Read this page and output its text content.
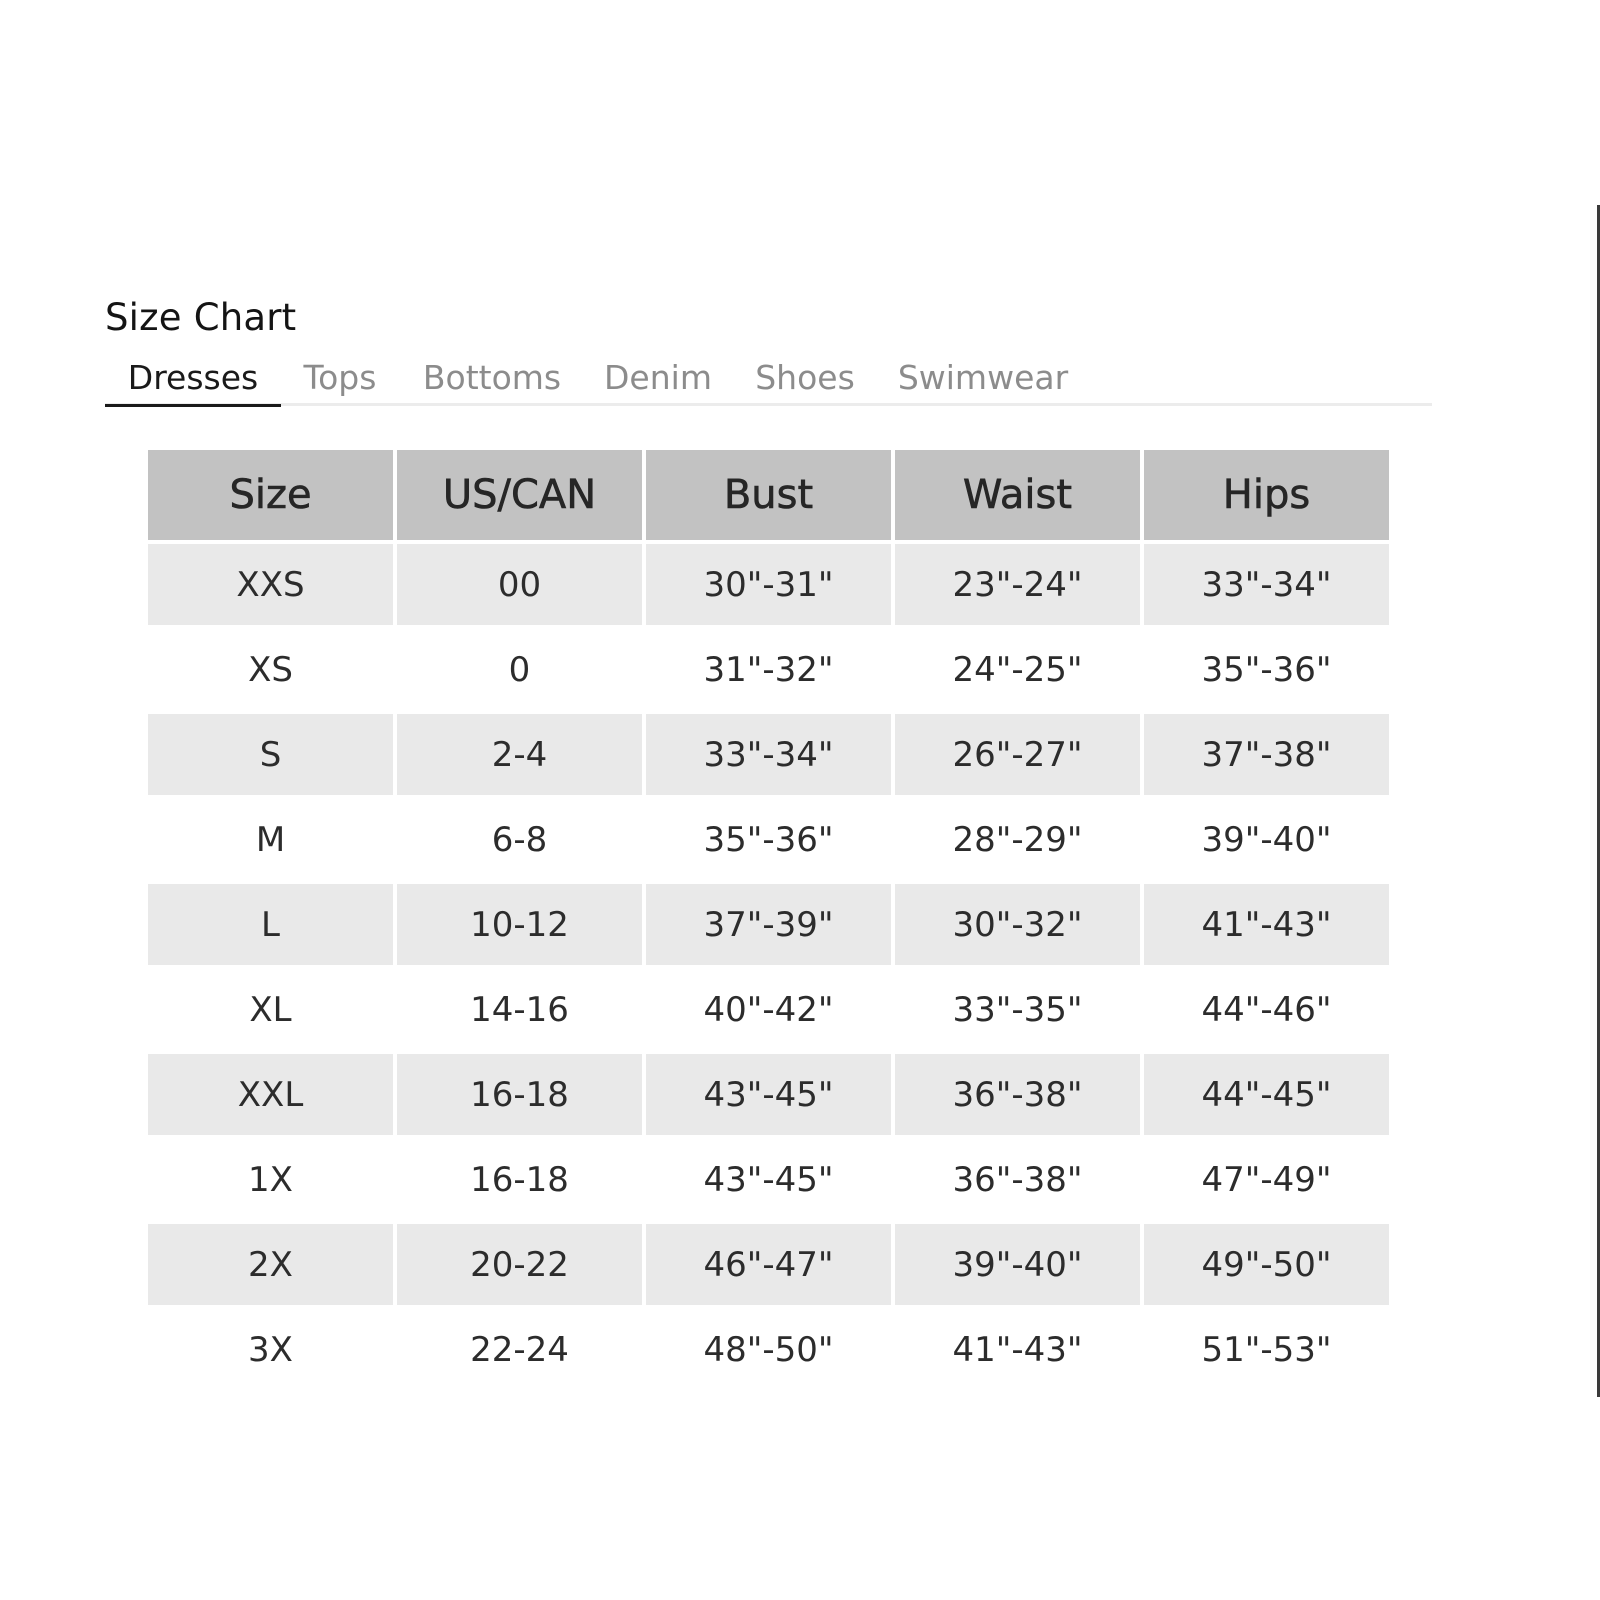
Size Chart
Dresses	Tops Bottoms Denim Shoes Swimwear
Size	US/CAN	Bust	Waist	Hips
XXS	00	30"-31"	23"-24"	33"-34"
XS	0	31"-32"	24"-25"	35"-36"
S	2-4	33"-34"	26"-27"	37"-38"
M	6-8	35"-36"	28"-29"	39"-40"
L	10-12	37"-39"	30"-32"	41"-43"
XL	14-16	40"-42"	33"-35"	44"-46"
XXL	16-18	43"-45"	36"-38"	44"-45"
1X	16-18	43"-45"	36"-38"	47"-49"
2X	20-22	46"-47"	39"-40"	49"-50"
3X	22-24	48"-50"	41"-43"	51"-53"
